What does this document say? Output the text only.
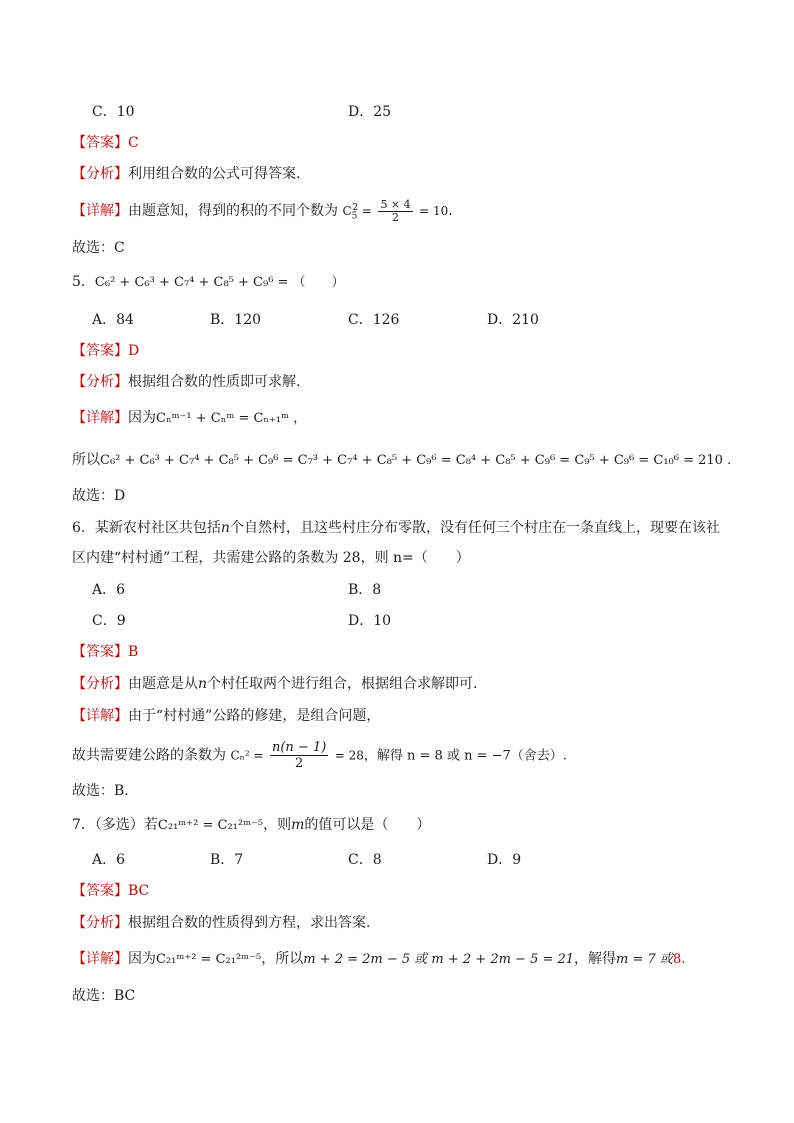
C．10	D．25
【答案】C
【分析】利用组合数的公式可得答案.
【详解】由题意知，得到的积的不同个数为 $C_5^2 = \frac{5 \times 4}{2} = 10$.
故选：C
5．C₆² + C₆³ + C₇⁴ + C₈⁵ + C₉⁶ = （　　）
A．84	B．120	C．126	D．210
【答案】D
【分析】根据组合数的性质即可求解.
【详解】因为Cₙᵐ⁻¹ + Cₙᵐ = Cₙ₊₁ᵐ ，
所以C₆² + C₆³ + C₇⁴ + C₈⁵ + C₉⁶ = C₇³ + C₇⁴ + C₈⁵ + C₉⁶ = C₈⁴ + C₈⁵ + C₉⁶ = C₉⁵ + C₉⁶ = C₁₀⁶ = 210 .
故选：D
6．某新农村社区共包括n个自然村，且这些村庄分布零散，没有任何三个村庄在一条直线上，现要在该社
区内建“村村通”工程，共需建公路的条数为 28，则 n=（　　）
A．6	B．8
C．9	D．10
【答案】B
【分析】由题意是从n个村任取两个进行组合，根据组合求解即可.
【详解】由于“村村通”公路的修建，是组合问题，
故共需要建公路的条数为 $C_n^2 = \frac{n(n - 1)}{2} = 28$，解得 n = 8 或 n = −7（舍去）.
故选：B.
7．（多选）若C₂₁ᵐ⁺² = C₂₁²ᵐ⁻⁵，则m的值可以是（　　）
A．6	B．7	C．8	D．9
【答案】BC
【分析】根据组合数的性质得到方程，求出答案.
【详解】因为C₂₁ᵐ⁺² = C₂₁²ᵐ⁻⁵，所以m + 2 = 2m − 5 或 m + 2 + 2m − 5 = 21，解得m = 7 或8.
故选：BC
